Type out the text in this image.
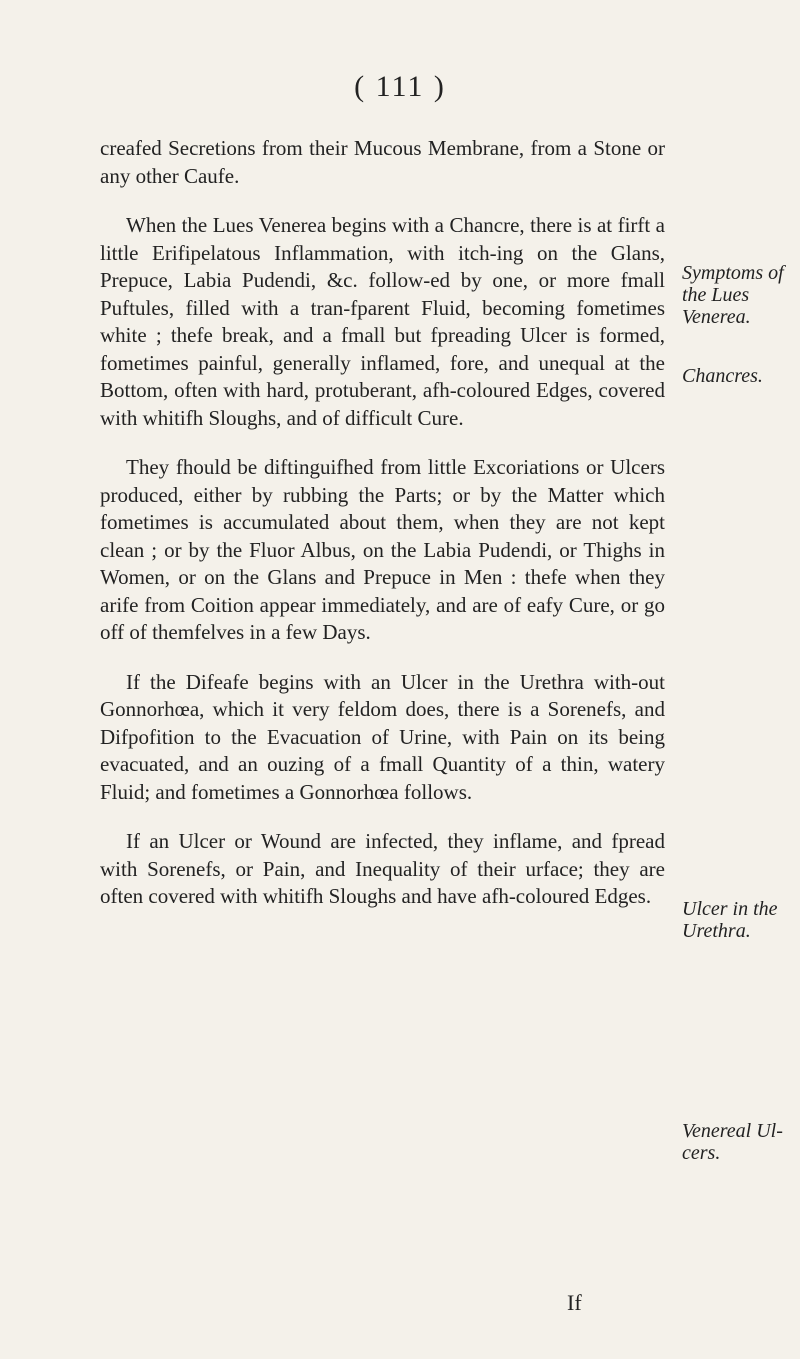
( 111 )

creafed Secretions from their Mucous Membrane, from a Stone or any other Caufe.

When the Lues Venerea begins with a Chancre, there is at firft a little Erifipelatous Inflammation, with itch-ing on the Glans, Prepuce, Labia Pudendi, &c. follow-ed by one, or more fmall Puftules, filled with a tran-fparent Fluid, becoming fometimes white ; thefe break, and a fmall but fpreading Ulcer is formed, fometimes painful, generally inflamed, fore, and unequal at the Bottom, often with hard, protuberant, afh-coloured Edges, covered with whitifh Sloughs, and of difficult Cure.

They fhould be diftinguifhed from little Excoriations or Ulcers produced, either by rubbing the Parts; or by the Matter which fometimes is accumulated about them, when they are not kept clean ; or by the Fluor Albus, on the Labia Pudendi, or Thighs in Women, or on the Glans and Prepuce in Men : thefe when they arife from Coition appear immediately, and are of eafy Cure, or go off of themfelves in a few Days.

If the Difeafe begins with an Ulcer in the Urethra with-out Gonnorhœa, which it very feldom does, there is a Sorenefs, and Difpofition to the Evacuation of Urine, with Pain on its being evacuated, and an ouzing of a fmall Quantity of a thin, watery Fluid; and fometimes a Gonnorhœa follows.

If an Ulcer or Wound are infected, they inflame, and fpread with Sorenefs, or Pain, and Inequality of their urface; they are often covered with whitifh Sloughs and have afh-coloured Edges.

Symptoms of the Lues Venerea.
Chancres.
Ulcer in the Urethra.
Venereal Ul-cers.
If
